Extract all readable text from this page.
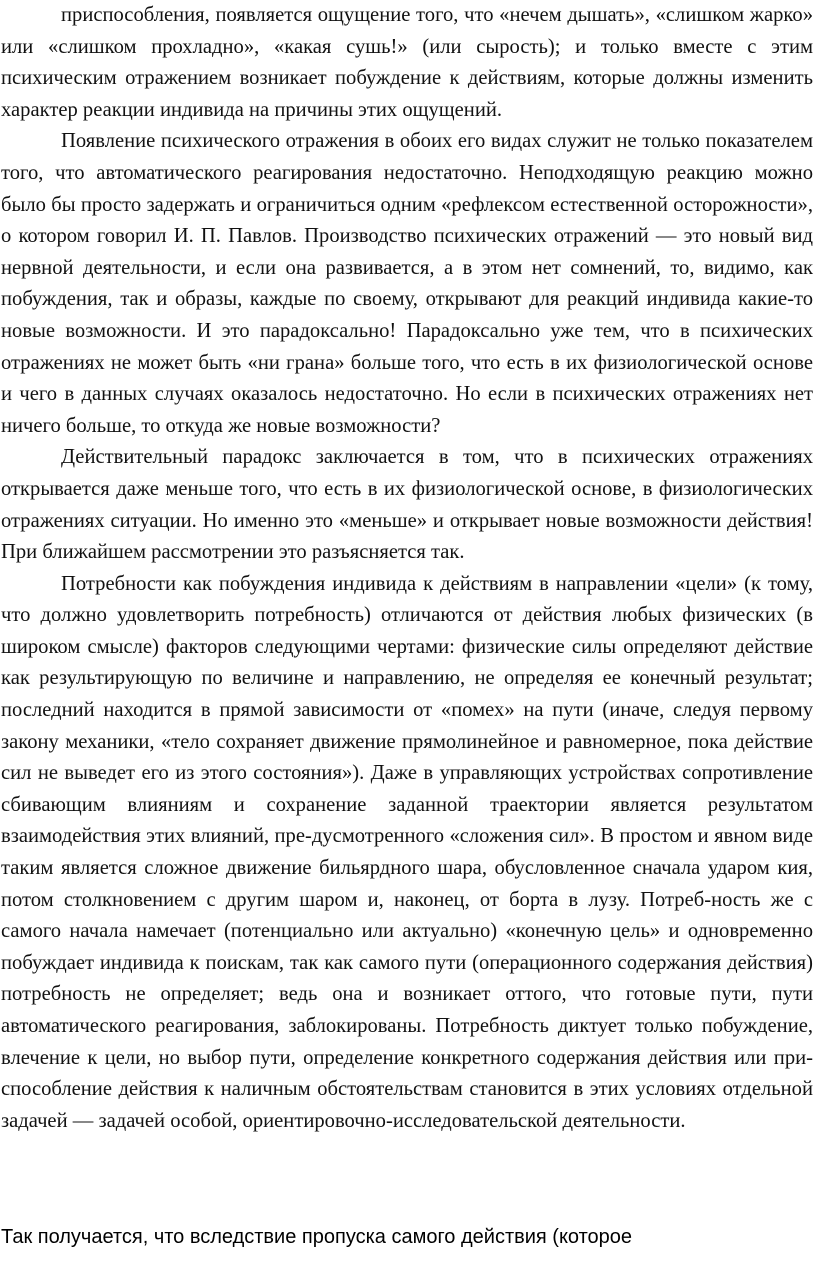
приспособления, появляется ощущение того, что «нечем дышать», «слишком жарко» или «слишком прохладно», «какая сушь!» (или сырость); и только вместе с этим психическим отражением возникает побуждение к действиям, которые должны изменить характер реакции индивида на причины этих ощущений.

Появление психического отражения в обоих его видах служит не только показателем того, что автоматического реагирования недостаточно. Неподходящую реакцию можно было бы просто задержать и ограничиться одним «рефлексом естественной осторожности», о котором говорил И. П. Павлов. Производство психических отражений — это новый вид нервной деятельности, и если она развивается, а в этом нет сомнений, то, видимо, как побуждения, так и образы, каждые по своему, открывают для реакций индивида какие-то новые возможности. И это парадоксально! Парадоксально уже тем, что в психических отражениях не может быть «ни грана» больше того, что есть в их физиологической основе и чего в данных случаях оказалось недостаточно. Но если в психических отражениях нет ничего больше, то откуда же новые возможности?

Действительный парадокс заключается в том, что в психических отражениях открывается даже меньше того, что есть в их физиологической основе, в физиологических отражениях ситуации. Но именно это «меньше» и открывает новые возможности действия! При ближайшем рассмотрении это разъясняется так.

Потребности как побуждения индивида к действиям в направлении «цели» (к тому, что должно удовлетворить потребность) отличаются от действия любых физических (в широком смысле) факторов следующими чертами: физические силы определяют действие как результирующую по величине и направлению, не определяя ее конечный результат; последний находится в прямой зависимости от «помех» на пути (иначе, следуя первому закону механики, «тело сохраняет движение прямолинейное и равномерное, пока действие сил не выведет его из этого состояния»). Даже в управляющих устройствах сопротивление сбивающим влияниям и сохранение заданной траектории является результатом взаимодействия этих влияний, пре-дусмотренного «сложения сил». В простом и явном виде таким является сложное движение бильярдного шара, обусловленное сначала ударом кия, потом столкновением с другим шаром и, наконец, от борта в лузу. Потреб-ность же с самого начала намечает (потенциально или актуально) «конечную цель» и одновременно побуждает индивида к поискам, так как самого пути (операционного содержания действия) потребность не определяет; ведь она и возникает оттого, что готовые пути, пути автоматического реагирования, заблокированы. Потребность диктует только побуждение, влечение к цели, но выбор пути, определение конкретного содержания действия или при-способление действия к наличным обстоятельствам становится в этих условиях отдельной задачей — задачей особой, ориентировочно-исследовательской деятельности.

Так получается, что вследствие пропуска самого действия (которое
